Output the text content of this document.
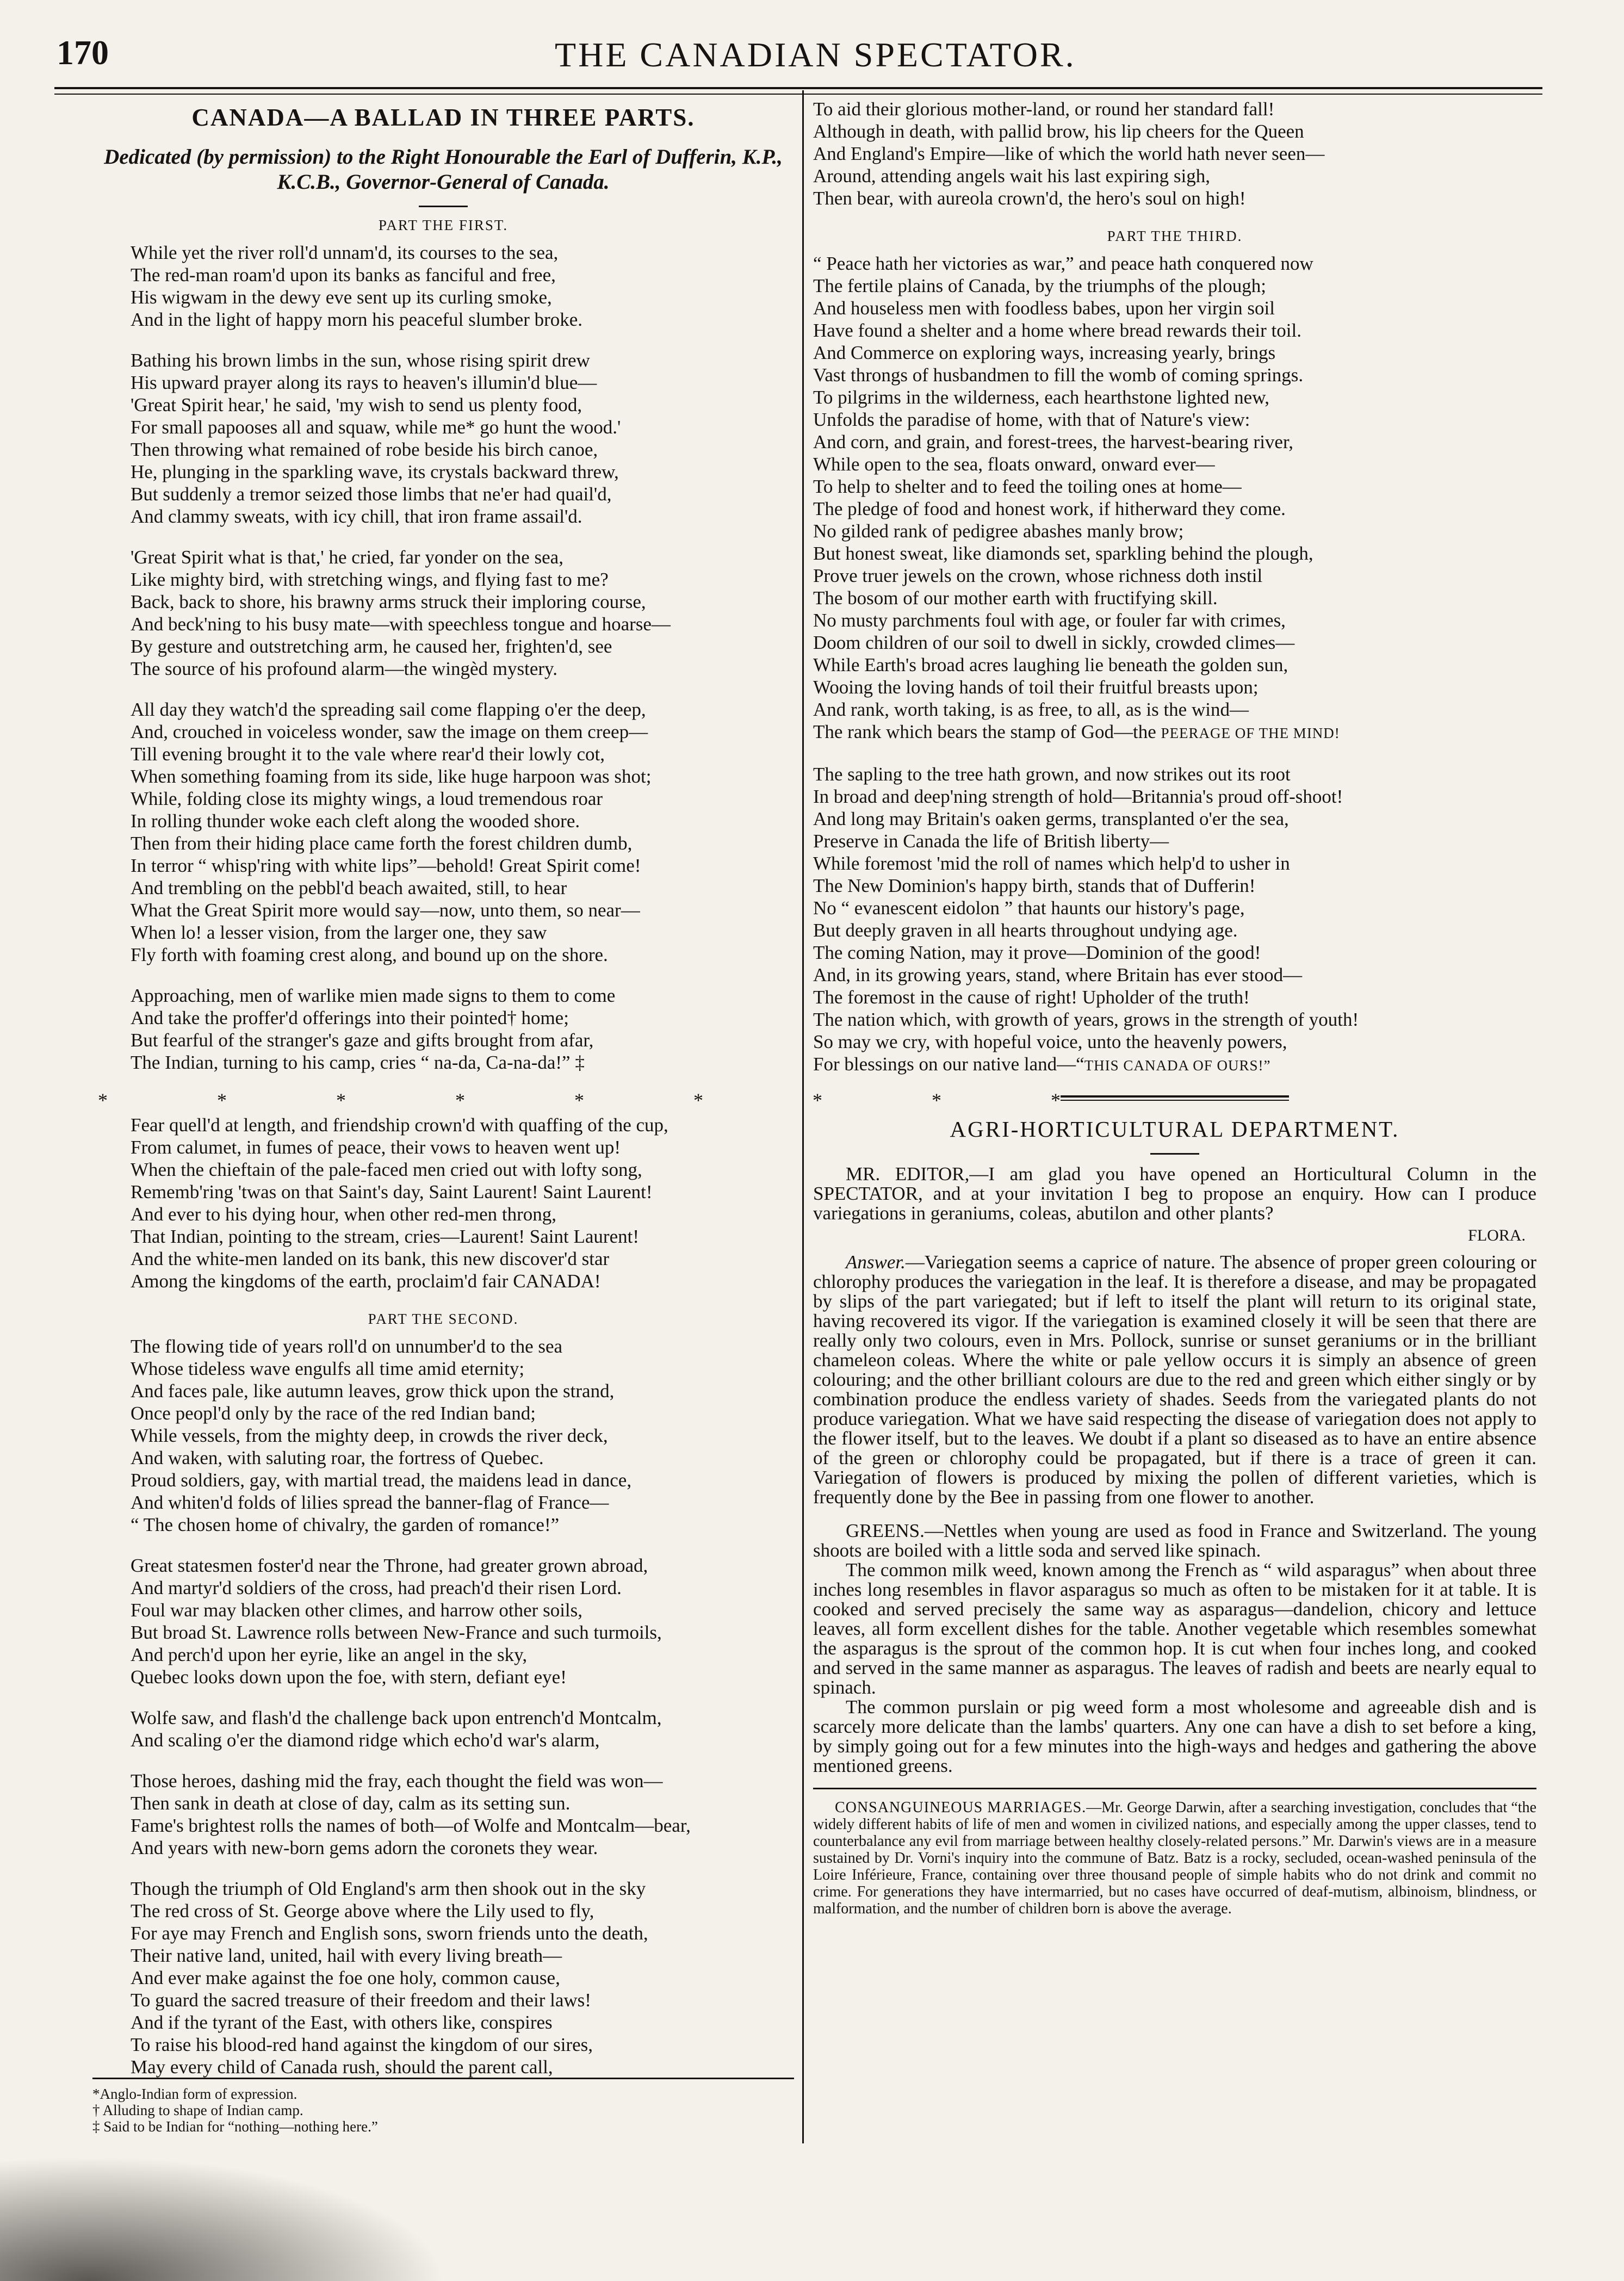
170	THE CANADIAN SPECTATOR.
CANADA—A BALLAD IN THREE PARTS.

Dedicated (by permission) to the Right Honourable the Earl of Dufferin, K.P., K.C.B., Governor-General of Canada.

PART THE FIRST.
While yet the river roll'd unnam'd, its courses to the sea,
The red-man roam'd upon its banks as fanciful and free,
His wigwam in the dewy eve sent up its curling smoke,
And in the light of happy morn his peaceful slumber broke.
Bathing his brown limbs in the sun, whose rising spirit drew
His upward prayer along its rays to heaven's illumin'd blue—
'Great Spirit hear,' he said, 'my wish to send us plenty food,
For small papooses all and squaw, while me* go hunt the wood.'
Then throwing what remained of robe beside his birch canoe,
He, plunging in the sparkling wave, its crystals backward threw,
But suddenly a tremor seized those limbs that ne'er had quail'd,
And clammy sweats, with icy chill, that iron frame assail'd.
'Great Spirit what is that,' he cried, far yonder on the sea,
Like mighty bird, with stretching wings, and flying fast to me?
Back, back to shore, his brawny arms struck their imploring course,
And beck'ning to his busy mate—with speechless tongue and hoarse—
By gesture and outstretching arm, he caused her, frighten'd, see
The source of his profound alarm—the wingèd mystery.
All day they watch'd the spreading sail come flapping o'er the deep,
And, crouched in voiceless wonder, saw the image on them creep—
Till evening brought it to the vale where rear'd their lowly cot,
When something foaming from its side, like huge harpoon was shot;
While, folding close its mighty wings, a loud tremendous roar
In rolling thunder woke each cleft along the wooded shore.
Then from their hiding place came forth the forest children dumb,
In terror “ whisp'ring with white lips”—behold! Great Spirit come!
And trembling on the pebbl'd beach awaited, still, to hear
What the Great Spirit more would say—now, unto them, so near—
When lo! a lesser vision, from the larger one, they saw
Fly forth with foaming crest along, and bound up on the shore.
Approaching, men of warlike mien made signs to them to come
And take the proffer'd offerings into their pointed† home;
But fearful of the stranger's gaze and gifts brought from afar,
The Indian, turning to his camp, cries “ na-da, Ca-na-da!” ‡
* * * * * * * * *
Fear quell'd at length, and friendship crown'd with quaffing of the cup,
From calumet, in fumes of peace, their vows to heaven went up!
When the chieftain of the pale-faced men cried out with lofty song,
Rememb'ring 'twas on that Saint's day, Saint Laurent! Saint Laurent!
And ever to his dying hour, when other red-men throng,
That Indian, pointing to the stream, cries—Laurent! Saint Laurent!
And the white-men landed on its bank, this new discover'd star
Among the kingdoms of the earth, proclaim'd fair CANADA!
PART THE SECOND.
The flowing tide of years roll'd on unnumber'd to the sea
Whose tideless wave engulfs all time amid eternity;
And faces pale, like autumn leaves, grow thick upon the strand,
Once peopl'd only by the race of the red Indian band;
While vessels, from the mighty deep, in crowds the river deck,
And waken, with saluting roar, the fortress of Quebec.
Proud soldiers, gay, with martial tread, the maidens lead in dance,
And whiten'd folds of lilies spread the banner-flag of France—
“ The chosen home of chivalry, the garden of romance!”
Great statesmen foster'd near the Throne, had greater grown abroad,
And martyr'd soldiers of the cross, had preach'd their risen Lord.
Foul war may blacken other climes, and harrow other soils,
But broad St. Lawrence rolls between New-France and such turmoils,
And perch'd upon her eyrie, like an angel in the sky,
Quebec looks down upon the foe, with stern, defiant eye!
Wolfe saw, and flash'd the challenge back upon entrench'd Montcalm,
And scaling o'er the diamond ridge which echo'd war's alarm,
Those heroes, dashing mid the fray, each thought the field was won—
Then sank in death at close of day, calm as its setting sun.
Fame's brightest rolls the names of both—of Wolfe and Montcalm—bear,
And years with new-born gems adorn the coronets they wear.
Though the triumph of Old England's arm then shook out in the sky
The red cross of St. George above where the Lily used to fly,
For aye may French and English sons, sworn friends unto the death,
Their native land, united, hail with every living breath—
And ever make against the foe one holy, common cause,
To guard the sacred treasure of their freedom and their laws!
And if the tyrant of the East, with others like, conspires
To raise his blood-red hand against the kingdom of our sires,
May every child of Canada rush, should the parent call,
*Anglo-Indian form of expression.
† Alluding to shape of Indian camp.
‡ Said to be Indian for “nothing—nothing here.”
To aid their glorious mother-land, or round her standard fall!
Although in death, with pallid brow, his lip cheers for the Queen
And England's Empire—like of which the world hath never seen—
Around, attending angels wait his last expiring sigh,
Then bear, with aureola crown'd, the hero's soul on high!
PART THE THIRD.
“ Peace hath her victories as war,” and peace hath conquered now
The fertile plains of Canada, by the triumphs of the plough;
And houseless men with foodless babes, upon her virgin soil
Have found a shelter and a home where bread rewards their toil.
And Commerce on exploring ways, increasing yearly, brings
Vast throngs of husbandmen to fill the womb of coming springs.
To pilgrims in the wilderness, each hearthstone lighted new,
Unfolds the paradise of home, with that of Nature's view:
And corn, and grain, and forest-trees, the harvest-bearing river,
While open to the sea, floats onward, onward ever—
To help to shelter and to feed the toiling ones at home—
The pledge of food and honest work, if hitherward they come.
No gilded rank of pedigree abashes manly brow;
But honest sweat, like diamonds set, sparkling behind the plough,
Prove truer jewels on the crown, whose richness doth instil
The bosom of our mother earth with fructifying skill.
No musty parchments foul with age, or fouler far with crimes,
Doom children of our soil to dwell in sickly, crowded climes—
While Earth's broad acres laughing lie beneath the golden sun,
Wooing the loving hands of toil their fruitful breasts upon;
And rank, worth taking, is as free, to all, as is the wind—
The rank which bears the stamp of God—the PEERAGE OF THE MIND!
The sapling to the tree hath grown, and now strikes out its root
In broad and deep'ning strength of hold—Britannia's proud off-shoot!
And long may Britain's oaken germs, transplanted o'er the sea,
Preserve in Canada the life of British liberty—
While foremost 'mid the roll of names which help'd to usher in
The New Dominion's happy birth, stands that of Dufferin!
No “ evanescent eidolon ” that haunts our history's page,
But deeply graven in all hearts throughout undying age.
The coming Nation, may it prove—Dominion of the good!
And, in its growing years, stand, where Britain has ever stood—
The foremost in the cause of right! Upholder of the truth!
The nation which, with growth of years, grows in the strength of youth!
So may we cry, with hopeful voice, unto the heavenly powers,
For blessings on our native land—“THIS CANADA OF OURS!”
AGRI-HORTICULTURAL DEPARTMENT.

MR. EDITOR,—I am glad you have opened an Horticultural Column in the SPECTATOR, and at your invitation I beg to propose an enquiry. How can I produce variegations in geraniums, coleas, abutilon and other plants?

FLORA.

Answer.—Variegation seems a caprice of nature. The absence of proper green colouring or chlorophy produces the variegation in the leaf. It is therefore a disease, and may be propagated by slips of the part variegated; but if left to itself the plant will return to its original state, having recovered its vigor. If the variegation is examined closely it will be seen that there are really only two colours, even in Mrs. Pollock, sunrise or sunset geraniums or in the brilliant chameleon coleas. Where the white or pale yellow occurs it is simply an absence of green colouring; and the other brilliant colours are due to the red and green which either singly or by combination produce the endless variety of shades. Seeds from the variegated plants do not produce variegation. What we have said respecting the disease of variegation does not apply to the flower itself, but to the leaves. We doubt if a plant so diseased as to have an entire absence of the green or chlorophy could be propagated, but if there is a trace of green it can. Variegation of flowers is produced by mixing the pollen of different varieties, which is frequently done by the Bee in passing from one flower to another.

GREENS.—Nettles when young are used as food in France and Switzerland. The young shoots are boiled with a little soda and served like spinach.

The common milk weed, known among the French as “ wild asparagus” when about three inches long resembles in flavor asparagus so much as often to be mistaken for it at table. It is cooked and served precisely the same way as asparagus—dandelion, chicory and lettuce leaves, all form excellent dishes for the table. Another vegetable which resembles somewhat the asparagus is the sprout of the common hop. It is cut when four inches long, and cooked and served in the same manner as asparagus. The leaves of radish and beets are nearly equal to spinach.

The common purslain or pig weed form a most wholesome and agreeable dish and is scarcely more delicate than the lambs' quarters. Any one can have a dish to set before a king, by simply going out for a few minutes into the high-ways and hedges and gathering the above mentioned greens.

CONSANGUINEOUS MARRIAGES.—Mr. George Darwin, after a searching investigation, concludes that “the widely different habits of life of men and women in civilized nations, and especially among the upper classes, tend to counterbalance any evil from marriage between healthy closely-related persons.” Mr. Darwin's views are in a measure sustained by Dr. Vorni's inquiry into the commune of Batz. Batz is a rocky, secluded, ocean-washed peninsula of the Loire Inférieure, France, containing over three thousand people of simple habits who do not drink and commit no crime. For generations they have intermarried, but no cases have occurred of deaf-mutism, albinoism, blindness, or malformation, and the number of children born is above the average.
